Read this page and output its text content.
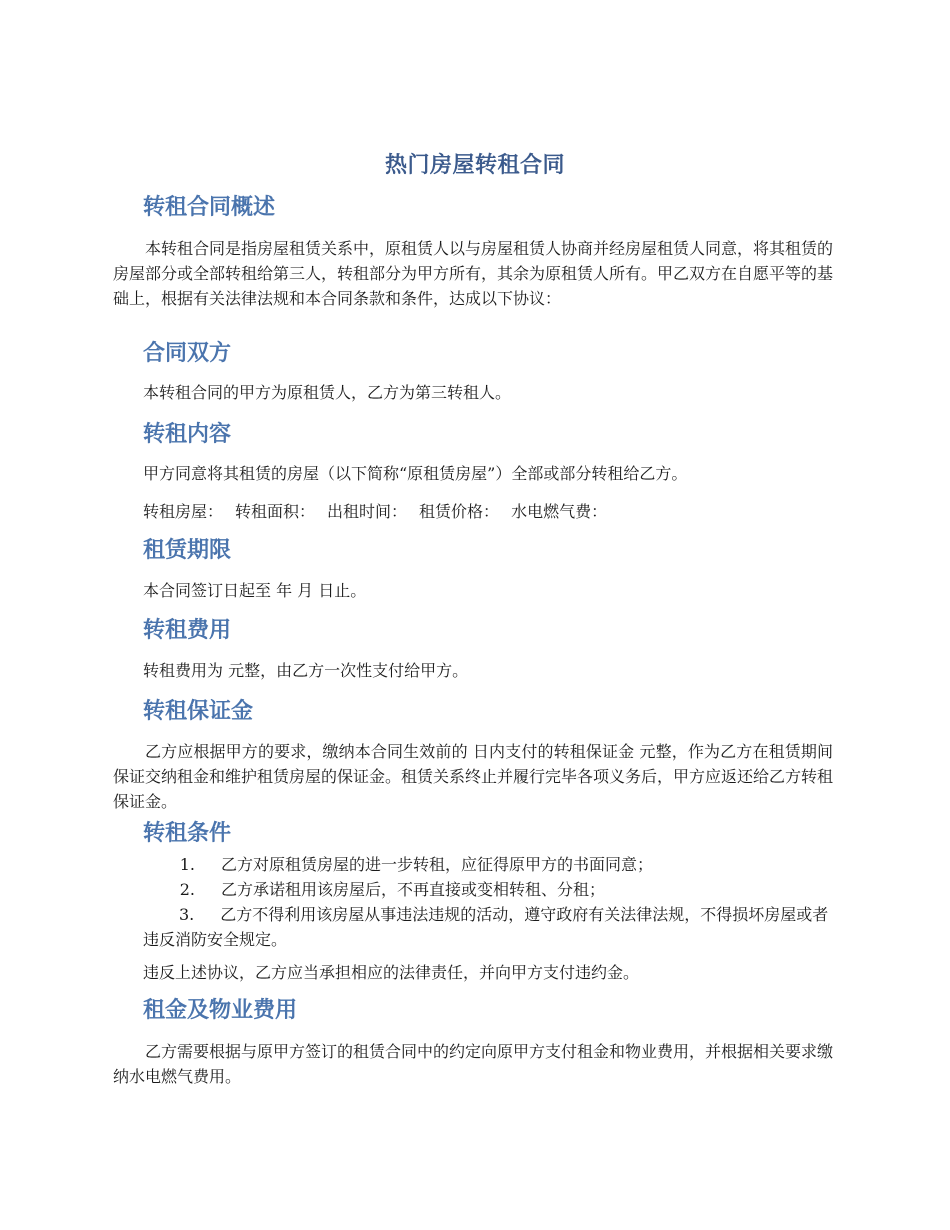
热门房屋转租合同
转租合同概述
本转租合同是指房屋租赁关系中，原租赁人以与房屋租赁人协商并经房屋租赁人同意，将其租赁的房屋部分或全部转租给第三人，转租部分为甲方所有，其余为原租赁人所有。甲乙双方在自愿平等的基础上，根据有关法律法规和本合同条款和条件，达成以下协议：
合同双方
本转租合同的甲方为原租赁人，乙方为第三转租人。
转租内容
甲方同意将其租赁的房屋（以下简称“原租赁房屋”）全部或部分转租给乙方。
转租房屋： 转租面积： 出租时间： 租赁价格： 水电燃气费：
租赁期限
本合同签订日起至 年 月 日止。
转租费用
转租费用为 元整，由乙方一次性支付给甲方。
转租保证金
乙方应根据甲方的要求，缴纳本合同生效前的 日内支付的转租保证金 元整，作为乙方在租赁期间保证交纳租金和维护租赁房屋的保证金。租赁关系终止并履行完毕各项义务后，甲方应返还给乙方转租保证金。
转租条件
1. 乙方对原租赁房屋的进一步转租，应征得原甲方的书面同意；
2. 乙方承诺租用该房屋后，不再直接或变相转租、分租；
3. 乙方不得利用该房屋从事违法违规的活动，遵守政府有关法律法规，不得损坏房屋或者违反消防安全规定。
违反上述协议，乙方应当承担相应的法律责任，并向甲方支付违约金。
租金及物业费用
乙方需要根据与原甲方签订的租赁合同中的约定向原甲方支付租金和物业费用，并根据相关要求缴纳水电燃气费用。
